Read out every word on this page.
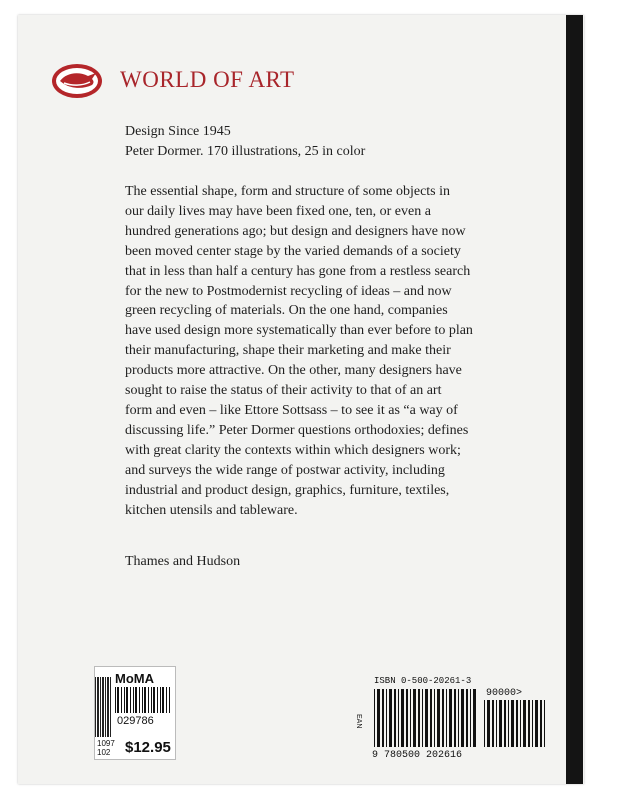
WORLD OF ART
Design Since 1945
Peter Dormer. 170 illustrations, 25 in color
The essential shape, form and structure of some objects in
our daily lives may have been fixed one, ten, or even a
hundred generations ago; but design and designers have now
been moved center stage by the varied demands of a society
that in less than half a century has gone from a restless search
for the new to Postmodernist recycling of ideas – and now
green recycling of materials. On the one hand, companies
have used design more systematically than ever before to plan
their manufacturing, shape their marketing and make their
products more attractive. On the other, many designers have
sought to raise the status of their activity to that of an art
form and even – like Ettore Sottsass – to see it as “a way of
discussing life.” Peter Dormer questions orthodoxies; defines
with great clarity the contexts within which designers work;
and surveys the wide range of postwar activity, including
industrial and product design, graphics, furniture, textiles,
kitchen utensils and tableware.
Thames and Hudson
MoMA
029786
1097
102 $12.95
ISBN 0-500-20261-3
EAN
90000>
9 780500 202616
